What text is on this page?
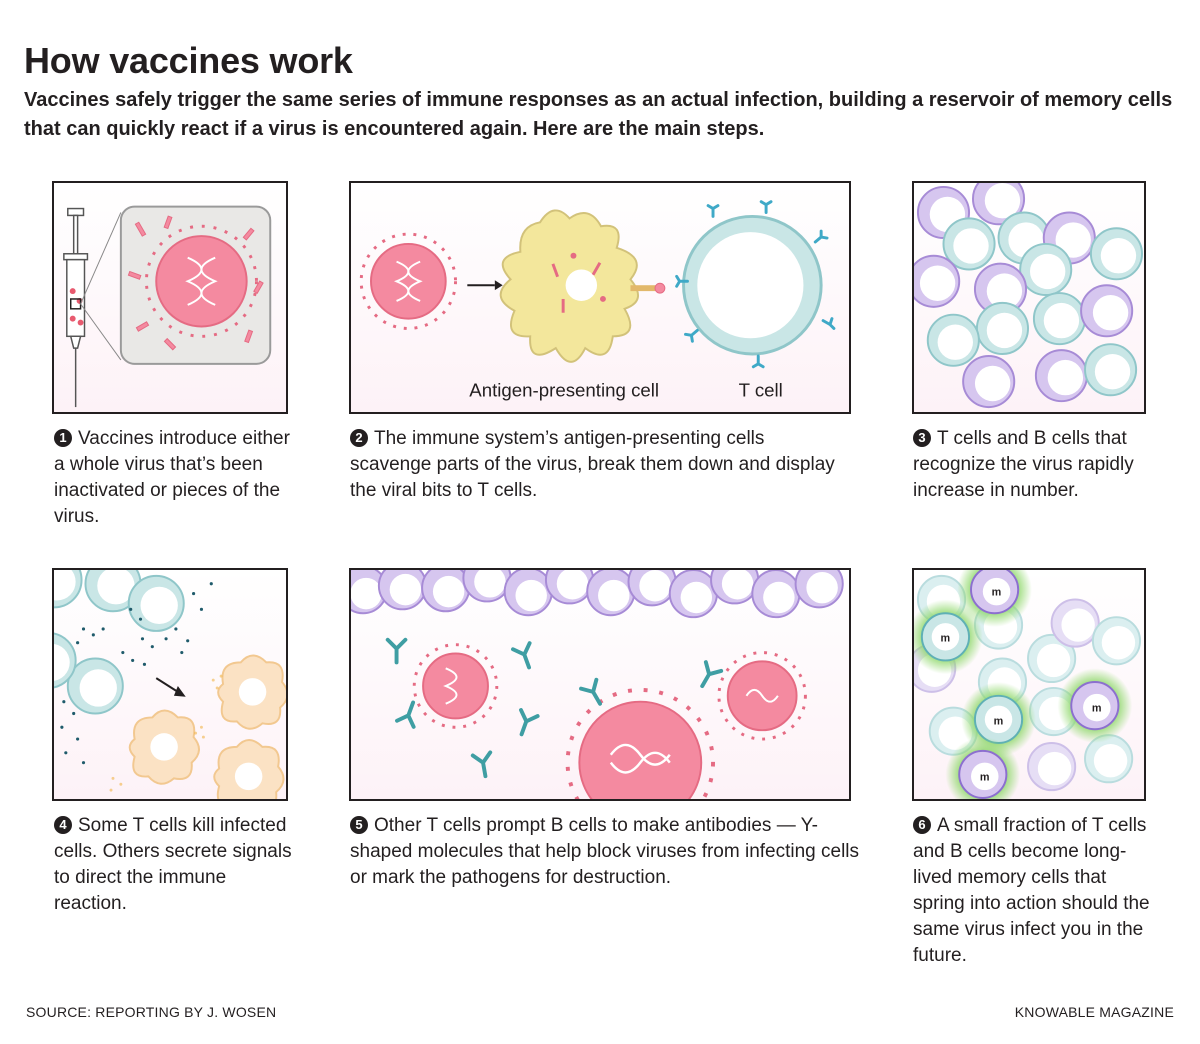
How vaccines work

Vaccines safely trigger the same series of immune responses as an actual infection, building a reservoir of memory cells that can quickly react if a virus is encountered again. Here are the main steps.

Antigen-presenting cell	T cell
m
m
m
m
m

1 Vaccines introduce either a whole virus that’s been inactivated or pieces of the virus.

2 The immune system’s antigen-presenting cells scavenge parts of the virus, break them down and display the viral bits to T cells.

3 T cells and B cells that recognize the virus rapidly increase in number.

4 Some T cells kill infected cells. Others secrete signals to direct the immune reaction.

5 Other T cells prompt B cells to make antibodies — Y-shaped molecules that help block viruses from infecting cells or mark the pathogens for destruction.

6 A small fraction of T cells and B cells become long-lived memory cells that spring into action should the same virus infect you in the future.

SOURCE: REPORTING BY J. WOSEN	KNOWABLE MAGAZINE
